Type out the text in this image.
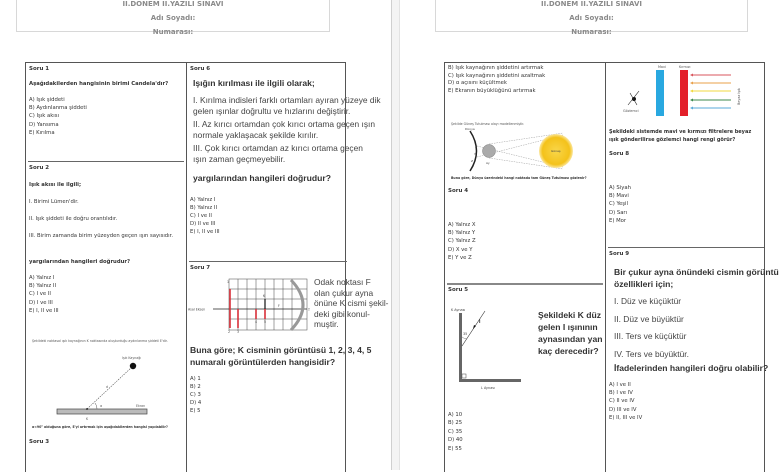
II.DÖNEM II.YAZILI SINAVI
Adı Soyadı:
Numarası:
Soru 1
Aşağıdakilerden hangisinin birimi Candela'dır?
A) Işık şiddeti
B) Aydınlanma şiddeti
C) Işık akısı
D) Yansıma
E) Kırılma
Soru 2
Işık akısı ile ilgili;
I. Birimi Lümen'dir.
II. Işık şiddeti ile doğru orantılıdır.
III. Birim zamanda birim yüzeyden geçen ışın sayısıdır.
yargılarından hangileri doğrudur?
A) Yalnız I
B) Yalnız II
C) I ve II
D) I ve III
E) I, II ve III
Şekildeki noktasal ışık kaynağının K noktasında oluşturduğu aydınlanma şiddeti E'dir.
Işık Kaynağı
d
α	Ekran
K
α<90° olduğuna göre, E'yi artırmak için aşağıdakilerden hangisi yapılabilir?
Soru 3
Soru 6
Işığın kırılması ile ilgili olarak;
I. Kırılma indisleri farklı ortamları ayıran yüzeye dik gelen ışınlar doğrultu ve hızlarını değiştirir.
II. Az kırıcı ortamdan çok kırıcı ortama geçen ışın normale yaklaşacak şekilde kırılır.
III. Çok kırıcı ortamdan az kırıcı ortama geçen ışın zaman geçmeyebilir.
yargılarından hangileri doğrudur?
A) Yalnız I
B) Yalnız II
C) I ve II
D) II ve III
E) I, II ve III
Soru 7
Asal Eksen
K
F
T
1
2 3
4 5
Odak noktası F
olan çukur ayna
önüne K cismi şekil-
deki gibi konul-
muştir.
Buna göre; K cisminin görüntüsü 1, 2, 3, 4, 5 numaralı görüntülerden hangisidir?
A) 1
B) 2
C) 3
D) 4
E) 5
II.DÖNEM II.YAZILI SINAVI
Adı Soyadı:
Numarası:
B) Işık kaynağının şiddetini artırmak
C) Işık kaynağının şiddetini azaltmak
D) α açısını küçültmek
E) Ekranın büyüklüğünü artırmak
Şekilde Güneş Tutulması olayı modellenmiştir.
Dünya
Güneş
Ay
X
Y
Z
Buna göre, Dünya üzerindeki hangi noktada tam Güneş Tutulması gözlenir?
Soru 4
A) Yalnız X
B) Yalnız Y
C) Yalnız Z
D) X ve Y
E) Y ve Z
Soru 5
K Aynası
L Aynası
35
I
Şekildeki K düz
gelen I ışınının
aynasından yan
kaç derecedir?
A) 10
B) 25
C) 35
D) 40
E) 55
Mavi	Kırmızı
Gözlemci
Beyaz Işık
Şekildeki sistemde mavi ve kırmızı filtrelere beyaz ışık gönderilirse gözlemci hangi rengi görür?
Soru 8
A) Siyah
B) Mavi
C) Yeşil
D) Sarı
E) Mor
Soru 9
Bir çukur ayna önündeki cismin görüntü
özellikleri için;
I. Düz ve küçüktür
II. Düz ve büyüktür
III. Ters ve küçüktür
IV. Ters ve büyüktür.
İfadelerinden hangileri doğru olabilir?
A) I ve II
B) I ve IV
C) II ve IV
D) III ve IV
E) II, III ve IV
